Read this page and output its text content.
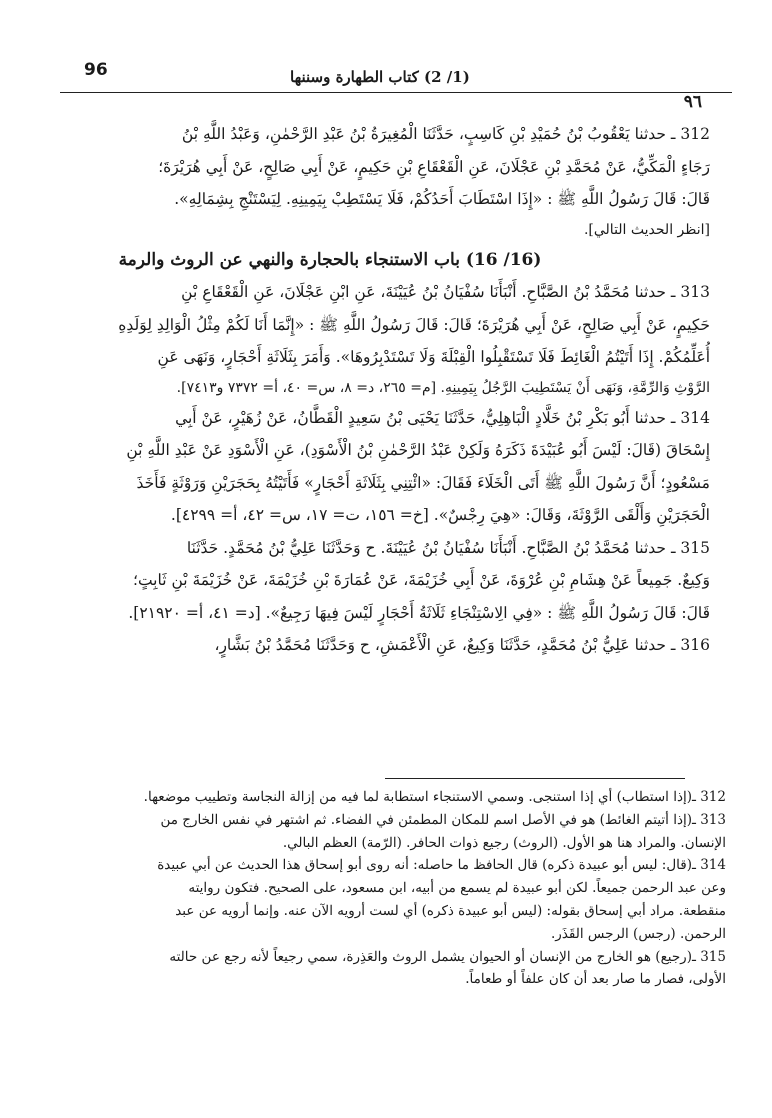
96	(1/ 2) كتاب الطهارة وسننها
٩٦
312 ـ حدثنا يَعْقُوبُ بْنُ حُمَيْدِ بْنِ كَاسِبٍ، حَدَّثَنَا الْمُغِيرَةُ بْنُ عَبْدِ الرَّحْمٰنِ، وَعَبْدُ اللَّهِ بْنُ
رَجَاءٍ الْمَكِّيُّ، عَنْ مُحَمَّدِ بْنِ عَجْلَانَ، عَنِ الْقَعْقَاعِ بْنِ حَكِيمٍ، عَنْ أَبِي صَالِحٍ، عَنْ أَبِي هُرَيْرَةَ؛
قَالَ: قَالَ رَسُولُ اللَّهِ ﷺ : «إِذَا اسْتَطَابَ أَحَدُكُمْ، فَلَا يَسْتَطِبْ بِيَمِينِهِ. لِيَسْتَنْجِ بِشِمَالِهِ».
[انظر الحديث التالي].
(16/ 16) باب الاستنجاء بالحجارة والنهي عن الروث والرمة
313 ـ حدثنا مُحَمَّدُ بْنُ الصَّبَّاحِ. أَنْبَأَنَا سُفْيَانُ بْنُ عُيَيْنَةَ، عَنِ ابْنِ عَجْلَانَ، عَنِ الْقَعْقَاعِ بْنِ
حَكِيمٍ، عَنْ أَبِي صَالِحٍ، عَنْ أَبِي هُرَيْرَةَ؛ قَالَ: قَالَ رَسُولُ اللَّهِ ﷺ : «إِنَّمَا أَنَا لَكُمْ مِثْلُ الْوَالِدِ لِوَلَدِهِ
أُعَلِّمُكُمْ. إِذَا أَتَيْتُمُ الْغَائِطَ فَلَا تَسْتَقْبِلُوا الْقِبْلَةَ وَلَا تَسْتَدْبِرُوهَا». وَأَمَرَ بِثَلَاثَةِ أَحْجَارٍ، وَنَهَى عَنِ
الرَّوْثِ وَالرِّمَّةِ، وَنَهَى أَنْ يَسْتَطِيبَ الرَّجُلُ بِيَمِينِهِ. [م= ٢٦٥، د= ٨، س= ٤٠، أ= ٧٣٧٢ و٧٤١٣].
314 ـ حدثنا أَبُو بَكْرِ بْنُ خَلَّادٍ الْبَاهِلِيُّ، حَدَّثَنَا يَحْيَى بْنُ سَعِيدٍ الْقَطَّانُ، عَنْ زُهَيْرٍ، عَنْ أَبِي
إِسْحَاقَ (قَالَ: لَيْسَ أَبُو عُبَيْدَةَ ذَكَرَهُ وَلَكِنْ عَبْدُ الرَّحْمٰنِ بْنُ الْأَسْوَدِ)، عَنِ الْأَسْوَدِ عَنْ عَبْدِ اللَّهِ بْنِ
مَسْعُودٍ؛ أَنَّ رَسُولَ اللَّهِ ﷺ أَتَى الْخَلَاءَ فَقَالَ: «ائْتِنِي بِثَلَاثَةِ أَحْجَارٍ» فَأَتَيْتُهُ بِحَجَرَيْنِ وَرَوْثَةٍ فَأَخَذَ
الْحَجَرَيْنِ وَأَلْقَى الرَّوْثَةَ، وَقَالَ: «هِيَ رِجْسٌ». [خ= ١٥٦، ت= ١٧، س= ٤٢، أ= ٤٢٩٩].
315 ـ حدثنا مُحَمَّدُ بْنُ الصَّبَّاحِ. أَنْبَأَنَا سُفْيَانُ بْنُ عُيَيْنَةَ. ح وَحَدَّثَنَا عَلِيُّ بْنُ مُحَمَّدٍ. حَدَّثَنَا
وَكِيعٌ. جَمِيعاً عَنْ هِشَامِ بْنِ عُرْوَةَ، عَنْ أَبِي خُزَيْمَةَ، عَنْ عُمَارَةَ بْنِ خُزَيْمَةَ، عَنْ خُزَيْمَةَ بْنِ ثَابِتٍ؛
قَالَ: قَالَ رَسُولُ اللَّهِ ﷺ : «فِي الِاسْتِنْجَاءِ ثَلَاثَةُ أَحْجَارٍ لَيْسَ فِيهَا رَجِيعٌ». [د= ٤١، أ= ٢١٩٢٠].
316 ـ حدثنا عَلِيُّ بْنُ مُحَمَّدٍ، حَدَّثَنَا وَكِيعٌ، عَنِ الْأَعْمَشِ، ح وَحَدَّثَنَا مُحَمَّدُ بْنُ بَشَّارٍ،
312 ـ(إذا استطاب) أي إذا استنجى. وسمي الاستنجاء استطابة لما فيه من إزالة النجاسة وتطييب موضعها.
313 ـ(إذا أتيتم الغائط) هو في الأصل اسم للمكان المطمئن في الفضاء. ثم اشتهر في نفس الخارج من
الإنسان. والمراد هنا هو الأول. (الروث) رجيع ذوات الحافر. (الرّمة) العظم البالي.
314 ـ(قال: ليس أبو عبيدة ذكره) قال الحافظ ما حاصله: أنه روى أبو إسحاق هذا الحديث عن أبي عبيدة
وعن عبد الرحمن جميعاً. لكن أبو عبيدة لم يسمع من أبيه، ابن مسعود، على الصحيح. فتكون روايته
منقطعة. مراد أبي إسحاق بقوله: (ليس أبو عبيدة ذكره) أي لست أرويه الآن عنه. وإنما أرويه عن عبد
الرحمن. (رجس) الرجس القَذَر.
315 ـ(رجيع) هو الخارج من الإنسان أو الحيوان يشمل الروث والعَذِرة، سمي رجيعاً لأنه رجع عن حالته
الأولى، فصار ما صار بعد أن كان علفاً أو طعاماً.
